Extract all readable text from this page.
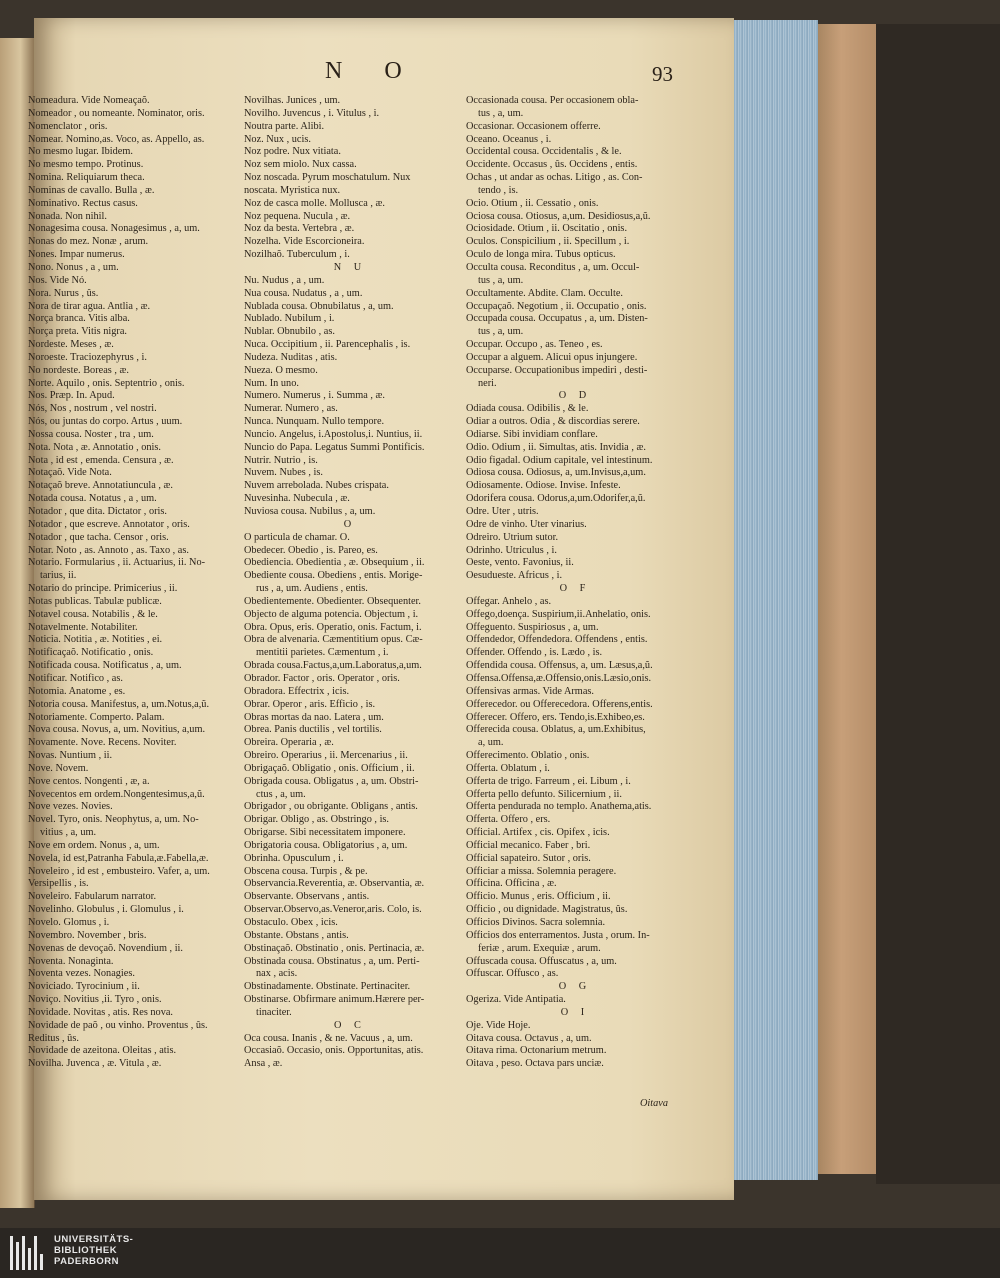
N O	93
Nomeadura. Vide Nomeaçaõ.
Nomeador , ou nomeante. Nominator, oris.
Nomenclator , oris.
Nomear. Nomino,as. Voco, as. Appello, as.
No mesmo lugar. Ibidem.
No mesmo tempo. Protinus.
Nomina. Reliquiarum theca.
Nominas de cavallo. Bulla , æ.
Nominativo. Rectus casus.
Nonada. Non nihil.
Nonagesima cousa. Nonagesimus , a, um.
Nonas do mez. Nonæ , arum.
Nones. Impar numerus.
Nono. Nonus , a , um.
Nos. Vide Nó.
Nora. Nurus , ûs.
Nora de tirar agua. Antlia , æ.
Norça branca. Vitis alba.
Norça preta. Vitis nigra.
Nordeste. Meses , æ.
Noroeste. Traciozephyrus , i.
No nordeste. Boreas , æ.
Norte. Aquilo , onis. Septentrio , onis.
Nos. Præp. In. Apud.
Nós, Nos , nostrum , vel nostri.
Nós, ou juntas do corpo. Artus , uum.
Nossa cousa. Noster , tra , um.
Nota. Nota , æ. Annotatio , onis.
Nota , id est , emenda. Censura , æ.
Notaçaõ. Vide Nota.
Notaçaõ breve. Annotatiuncula , æ.
Notada cousa. Notatus , a , um.
Notador , que dita. Dictator , oris.
Notador , que escreve. Annotator , oris.
Notador , que tacha. Censor , oris.
Notar. Noto , as. Annoto , as. Taxo , as.
Notario. Formularius , ii. Actuarius, ii. No-
tarius, ii.
Notario do principe. Primicerius , ii.
Notas publicas. Tabulæ publicæ.
Notavel cousa. Notabilis , & le.
Notavelmente. Notabiliter.
Noticia. Notitia , æ. Notities , ei.
Notificaçaõ. Notificatio , onis.
Notificada cousa. Notificatus , a, um.
Notificar. Notifico , as.
Notomia. Anatome , es.
Notoria cousa. Manifestus, a, um.Notus,a,ũ.
Notoriamente. Comperto. Palam.
Nova cousa. Novus, a, um. Novitius, a,um.
Novamente. Nove. Recens. Noviter.
Novas. Nuntium , ii.
Nove. Novem.
Nove centos. Nongenti , æ, a.
Novecentos em ordem.Nongentesimus,a,ũ.
Nove vezes. Novies.
Novel. Tyro, onis. Neophytus, a, um. No-
vitius , a, um.
Nove em ordem. Nonus , a, um.
Novela, id est,Patranha Fabula,æ.Fabella,æ.
Noveleiro , id est , embusteiro. Vafer, a, um.
Versipellis , is.
Noveleiro. Fabularum narrator.
Novelinho. Globulus , i. Glomulus , i.
Novelo. Glomus , i.
Novembro. November , bris.
Novenas de devoçaõ. Novendium , ii.
Noventa. Nonaginta.
Noventa vezes. Nonagies.
Noviciado. Tyrocinium , ii.
Noviço. Novitius ,ii. Tyro , onis.
Novidade. Novitas , atis. Res nova.
Novidade de paõ , ou vinho. Proventus , ûs.
Reditus , ûs.
Novidade de azeitona. Oleitas , atis.
Novilha. Juvenca , æ. Vitula , æ.
Novilhas. Junices , um.
Novilho. Juvencus , i. Vitulus , i.
Noutra parte. Alibi.
Noz. Nux , ucis.
Noz podre. Nux vitiata.
Noz sem miolo. Nux cassa.
Noz noscada. Pyrum moschatulum. Nux
noscata. Myristica nux.
Noz de casca molle. Mollusca , æ.
Noz pequena. Nucula , æ.
Noz da besta. Vertebra , æ.
Nozelha. Vide Escorcioneira.
Nozilhaõ. Tuberculum , i.
N U
Nu. Nudus , a , um.
Nua cousa. Nudatus , a , um.
Nublada cousa. Obnubilatus , a, um.
Nublado. Nubilum , i.
Nublar. Obnubilo , as.
Nuca. Occipitium , ii. Parencephalis , is.
Nudeza. Nuditas , atis.
Nueza. O mesmo.
Num. In uno.
Numero. Numerus , i. Summa , æ.
Numerar. Numero , as.
Nunca. Nunquam. Nullo tempore.
Nuncio. Angelus, i.Apostolus,i. Nuntius, ii.
Nuncio do Papa. Legatus Summi Pontificis.
Nutrir. Nutrio , is.
Nuvem. Nubes , is.
Nuvem arrebolada. Nubes crispata.
Nuvesinha. Nubecula , æ.
Nuviosa cousa. Nubilus , a, um.
O
O particula de chamar. O.
Obedecer. Obedio , is. Pareo, es.
Obediencia. Obedientia , æ. Obsequium , ii.
Obediente cousa. Obediens , entis. Morige-
rus , a, um. Audiens , entis.
Obedientemente. Obedienter. Obsequenter.
Objecto de alguma potencia. Objectum , i.
Obra. Opus, eris. Operatio, onis. Factum, i.
Obra de alvenaria. Cæmentitium opus. Cæ-
mentitii parietes. Cæmentum , i.
Obrada cousa.Factus,a,um.Laboratus,a,um.
Obrador. Factor , oris. Operator , oris.
Obradora. Effectrix , icis.
Obrar. Operor , aris. Efficio , is.
Obras mortas da nao. Latera , um.
Obrea. Panis ductilis , vel tortilis.
Obreira. Operaria , æ.
Obreiro. Operarius , ii. Mercenarius , ii.
Obrigaçaõ. Obligatio , onis. Officium , ii.
Obrigada cousa. Obligatus , a, um. Obstri-
ctus , a, um.
Obrigador , ou obrigante. Obligans , antis.
Obrigar. Obligo , as. Obstringo , is.
Obrigarse. Sibi necessitatem imponere.
Obrigatoria cousa. Obligatorius , a, um.
Obrinha. Opusculum , i.
Obscena cousa. Turpis , & pe.
Observancia.Reverentia, æ. Observantia, æ.
Observante. Observans , antis.
Observar.Observo,as.Veneror,aris. Colo, is.
Obstaculo. Obex , icis.
Obstante. Obstans , antis.
Obstinaçaõ. Obstinatio , onis. Pertinacia, æ.
Obstinada cousa. Obstinatus , a, um. Perti-
nax , acis.
Obstinadamente. Obstinate. Pertinaciter.
Obstinarse. Obfirmare animum.Hærere per-
tinaciter.
O C
Oca cousa. Inanis , & ne. Vacuus , a, um.
Occasiaõ. Occasio, onis. Opportunitas, atis.
Ansa , æ.
Occasionada cousa. Per occasionem obla-
tus , a, um.
Occasionar. Occasionem offerre.
Oceano. Oceanus , i.
Occidental cousa. Occidentalis , & le.
Occidente. Occasus , ûs. Occidens , entis.
Ochas , ut andar as ochas. Litigo , as. Con-
tendo , is.
Ocio. Otium , ii. Cessatio , onis.
Ociosa cousa. Otiosus, a,um. Desidiosus,a,ũ.
Ociosidade. Otium , ii. Oscitatio , onis.
Oculos. Conspicilium , ii. Specillum , i.
Oculo de longa mira. Tubus opticus.
Occulta cousa. Reconditus , a, um. Occul-
tus , a, um.
Occultamente. Abdite. Clam. Occulte.
Occupaçaõ. Negotium , ii. Occupatio , onis.
Occupada cousa. Occupatus , a, um. Disten-
tus , a, um.
Occupar. Occupo , as. Teneo , es.
Occupar a alguem. Alicui opus injungere.
Occuparse. Occupationibus impediri , desti-
neri.
O D
Odiada cousa. Odibilis , & le.
Odiar a outros. Odia , & discordias serere.
Odiarse. Sibi invidiam conflare.
Odio. Odium , ii. Simultas, atis. Invidia , æ.
Odio figadal. Odium capitale, vel intestinum.
Odiosa cousa. Odiosus, a, um.Invisus,a,um.
Odiosamente. Odiose. Invise. Infeste.
Odorifera cousa. Odorus,a,um.Odorifer,a,ũ.
Odre. Uter , utris.
Odre de vinho. Uter vinarius.
Odreiro. Utrium sutor.
Odrinho. Utriculus , i.
Oeste, vento. Favonius, ii.
Oesudueste. Africus , i.
O F
Offegar. Anhelo , as.
Offego,doença. Suspirium,ii.Anhelatio, onis.
Offeguento. Suspiriosus , a, um.
Offendedor, Offendedora. Offendens , entis.
Offender. Offendo , is. Lædo , is.
Offendida cousa. Offensus, a, um. Læsus,a,ũ.
Offensa.Offensa,æ.Offensio,onis.Læsio,onis.
Offensivas armas. Vide Armas.
Offerecedor. ou Offerecedora. Offerens,entis.
Offerecer. Offero, ers. Tendo,is.Exhibeo,es.
Offerecida cousa. Oblatus, a, um.Exhibitus,
a, um.
Offerecimento. Oblatio , onis.
Offerta. Oblatum , i.
Offerta de trigo. Farreum , ei. Libum , i.
Offerta pello defunto. Silicernium , ii.
Offerta pendurada no templo. Anathema,atis.
Offerta. Offero , ers.
Official. Artifex , cis. Opifex , icis.
Official mecanico. Faber , bri.
Official sapateiro. Sutor , oris.
Officiar a missa. Solemnia peragere.
Officina. Officina , æ.
Officio. Munus , eris. Officium , ii.
Officio , ou dignidade. Magistratus, ûs.
Officios Divinos. Sacra solemnia.
Officios dos enterramentos. Justa , orum. In-
feriæ , arum. Exequiæ , arum.
Offuscada cousa. Offuscatus , a, um.
Offuscar. Offusco , as.
O G
Ogeriza. Vide Antipatia.
O I
Oje. Vide Hoje.
Oitava cousa. Octavus , a, um.
Oitava rima. Octonarium metrum.
Oitava , peso. Octava pars unciæ.
Oitava
UNIVERSITÄTS-
BIBLIOTHEK
PADERBORN
